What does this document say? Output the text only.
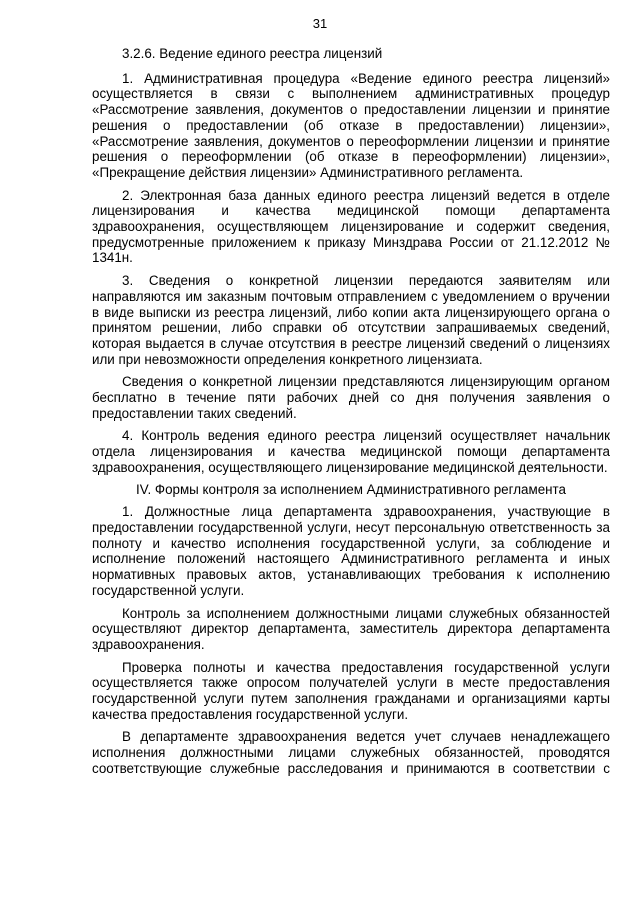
31

3.2.6. Ведение единого реестра лицензий

1. Административная процедура «Ведение единого реестра лицензий» осуществляется в связи с выполнением административных процедур «Рассмотрение заявления, документов о предоставлении лицензии и принятие решения о предоставлении (об отказе в предоставлении) лицензии», «Рассмотрение заявления, документов о переоформлении лицензии и принятие решения о переоформлении (об отказе в переоформлении) лицензии», «Прекращение действия лицензии» Административного регламента.

2. Электронная база данных единого реестра лицензий ведется в отделе лицензирования и качества медицинской помощи департамента здравоохранения, осуществляющем лицензирование и содержит сведения, предусмотренные приложением к приказу Минздрава России от 21.12.2012 № 1341н.

3. Сведения о конкретной лицензии передаются заявителям или направляются им заказным почтовым отправлением с уведомлением о вручении в виде выписки из реестра лицензий, либо копии акта лицензирующего органа о принятом решении, либо справки об отсутствии запрашиваемых сведений, которая выдается в случае отсутствия в реестре лицензий сведений о лицензиях или при невозможности определения конкретного лицензиата.

Сведения о конкретной лицензии представляются лицензирующим органом бесплатно в течение пяти рабочих дней со дня получения заявления о предоставлении таких сведений.

4. Контроль ведения единого реестра лицензий осуществляет начальник отдела лицензирования и качества медицинской помощи департамента здравоохранения, осуществляющего лицензирование медицинской деятельности.

IV. Формы контроля за исполнением Административного регламента

1. Должностные лица департамента здравоохранения, участвующие в предоставлении государственной услуги, несут персональную ответственность за полноту и качество исполнения государственной услуги, за соблюдение и исполнение положений настоящего Административного регламента и иных нормативных правовых актов, устанавливающих требования к исполнению государственной услуги.

Контроль за исполнением должностными лицами служебных обязанностей осуществляют директор департамента, заместитель директора департамента здравоохранения.

Проверка полноты и качества предоставления государственной услуги осуществляется также опросом получателей услуги в месте предоставления государственной услуги путем заполнения гражданами и организациями карты качества предоставления государственной услуги.

В департаменте здравоохранения ведется учет случаев ненадлежащего исполнения должностными лицами служебных обязанностей, проводятся соответствующие служебные расследования и принимаются в соответствии с
